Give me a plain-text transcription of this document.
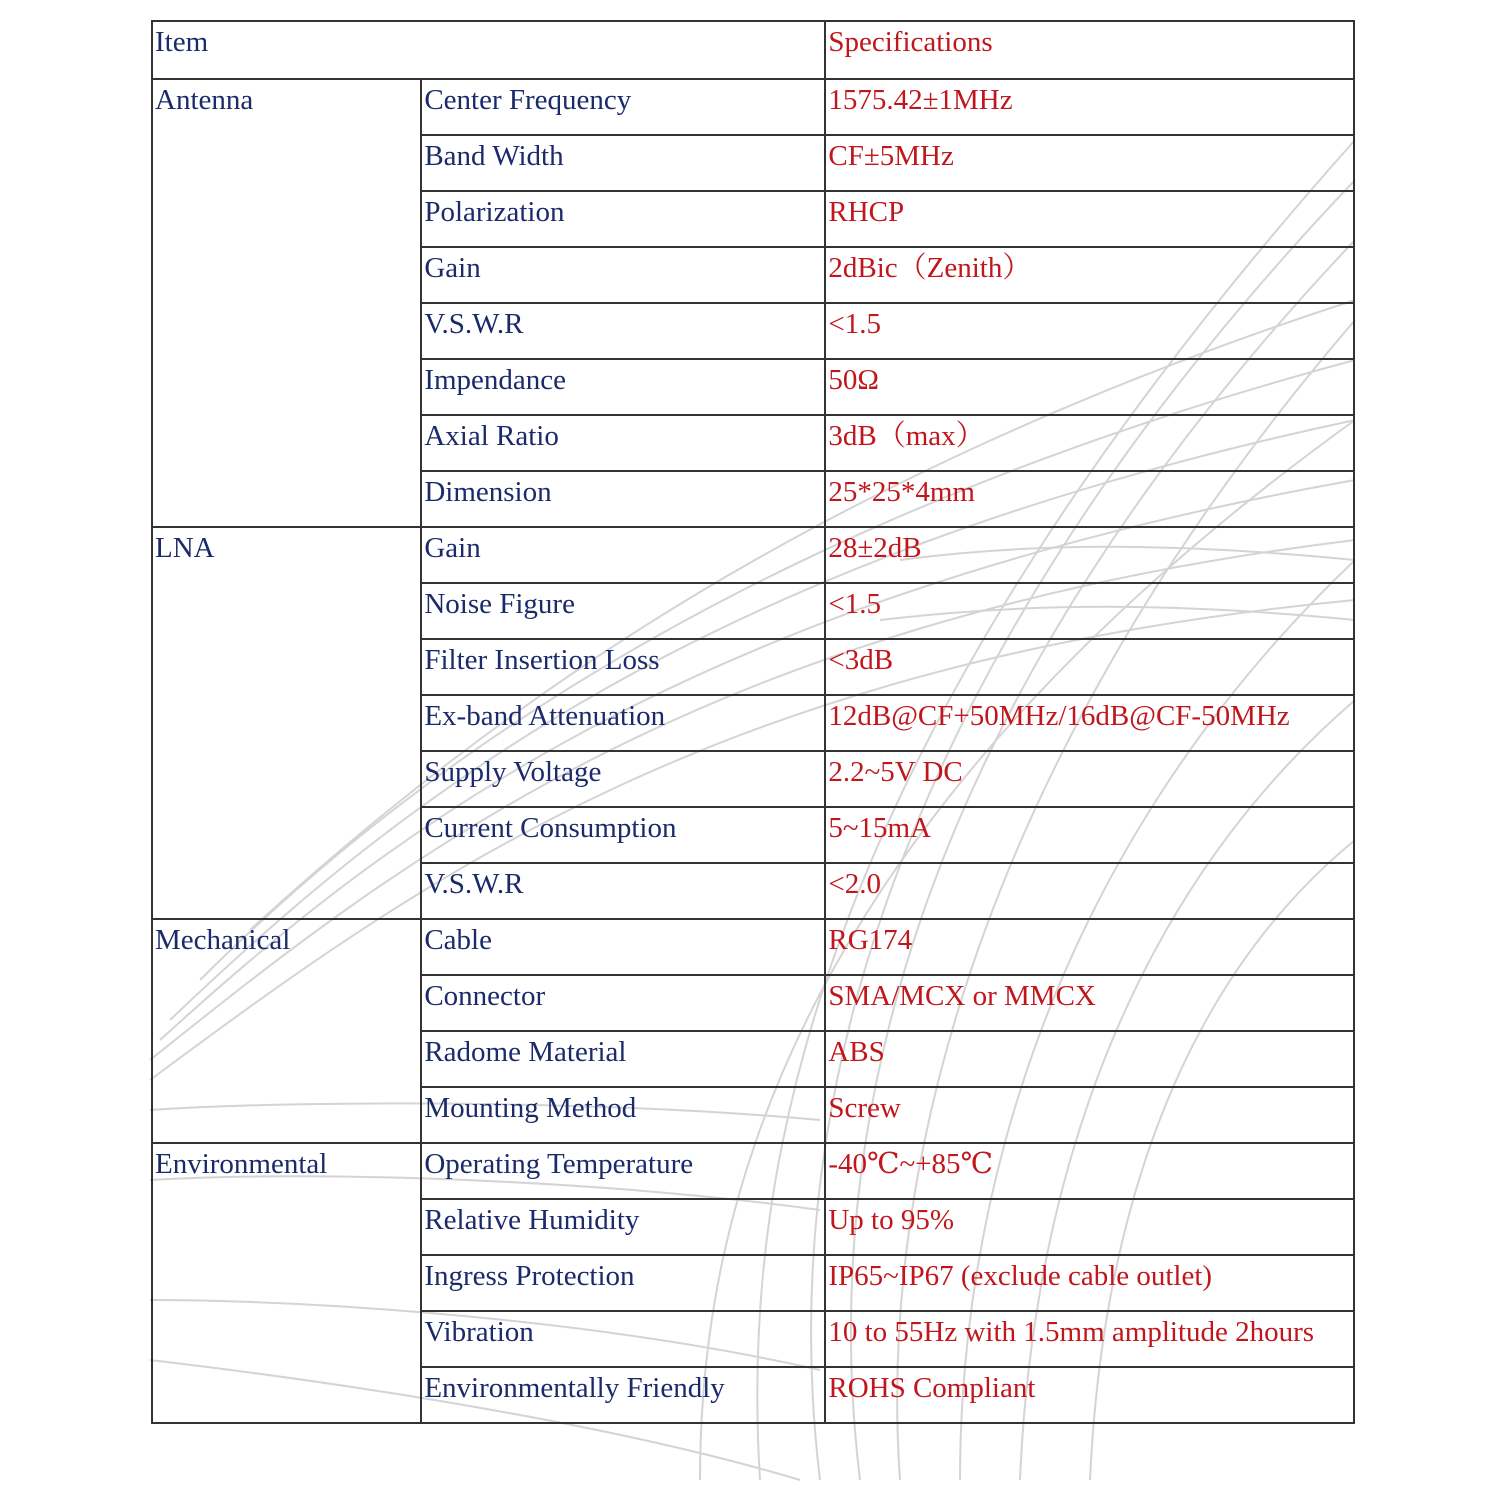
Item		Specifications
Antenna	Center Frequency	1575.42±1MHz
	Band Width	CF±5MHz
	Polarization	RHCP
	Gain	2dBic（Zenith）
	V.S.W.R	<1.5
	Impendance	50Ω
	Axial Ratio	3dB（max）
	Dimension	25*25*4mm
LNA	Gain	28±2dB
	Noise Figure	<1.5
	Filter Insertion Loss	<3dB
	Ex-band Attenuation	12dB@CF+50MHz/16dB@CF-50MHz
	Supply Voltage	2.2~5V DC
	Current Consumption	5~15mA
	V.S.W.R	<2.0
Mechanical	Cable	RG174
	Connector	SMA/MCX or MMCX
	Radome Material	ABS
	Mounting Method	Screw
Environmental	Operating Temperature	-40℃~+85℃
	Relative Humidity	Up to 95%
	Ingress Protection	IP65~IP67 (exclude cable outlet)
	Vibration	10 to 55Hz with 1.5mm amplitude 2hours
	Environmentally Friendly	ROHS Compliant
